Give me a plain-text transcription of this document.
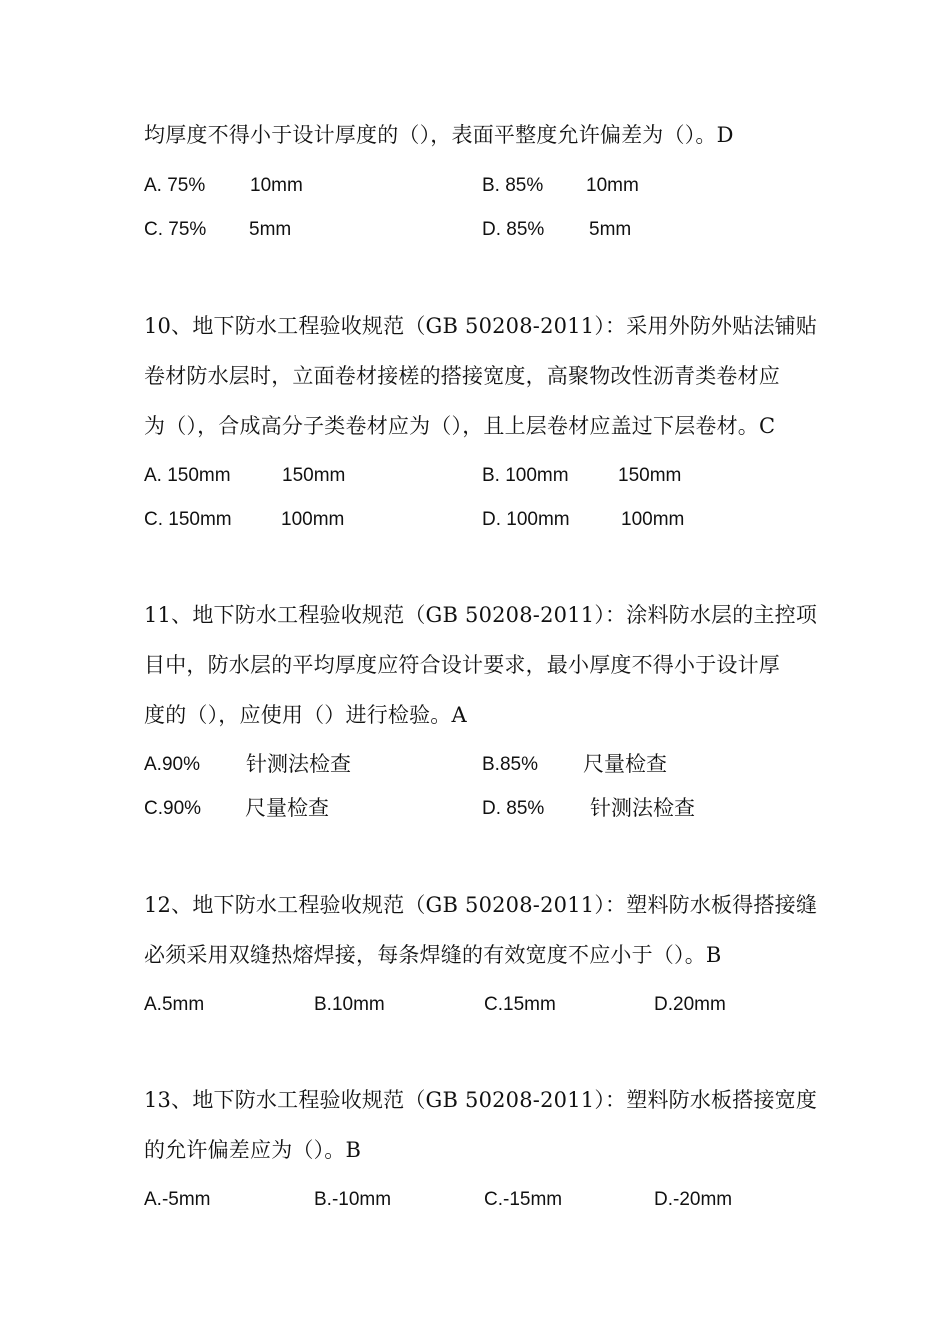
均厚度不得小于设计厚度的（），表面平整度允许偏差为（）。D
A. 75% 10mm	B. 85% 10mm
C. 75% 5mm	D. 85% 5mm
10、地下防水工程验收规范（GB 50208-2011）：采用外防外贴法铺贴
卷材防水层时，立面卷材接槎的搭接宽度，高聚物改性沥青类卷材应
为（），合成高分子类卷材应为（），且上层卷材应盖过下层卷材。C
A. 150mm	150mm	B. 100mm	150mm
C. 150mm	100mm	D. 100mm	100mm
11、地下防水工程验收规范（GB 50208-2011）：涂料防水层的主控项
目中，防水层的平均厚度应符合设计要求，最小厚度不得小于设计厚
度的（），应使用（）进行检验。A
A.90% 针测法检查	B.85% 尺量检查
C.90% 尺量检查	D. 85% 针测法检查
12、地下防水工程验收规范（GB 50208-2011）：塑料防水板得搭接缝
必须采用双缝热熔焊接，每条焊缝的有效宽度不应小于（）。B
A.5mm	B.10mm	C.15mm	D.20mm
13、地下防水工程验收规范（GB 50208-2011）：塑料防水板搭接宽度
的允许偏差应为（）。B
A.-5mm	B.-10mm	C.-15mm	D.-20mm
